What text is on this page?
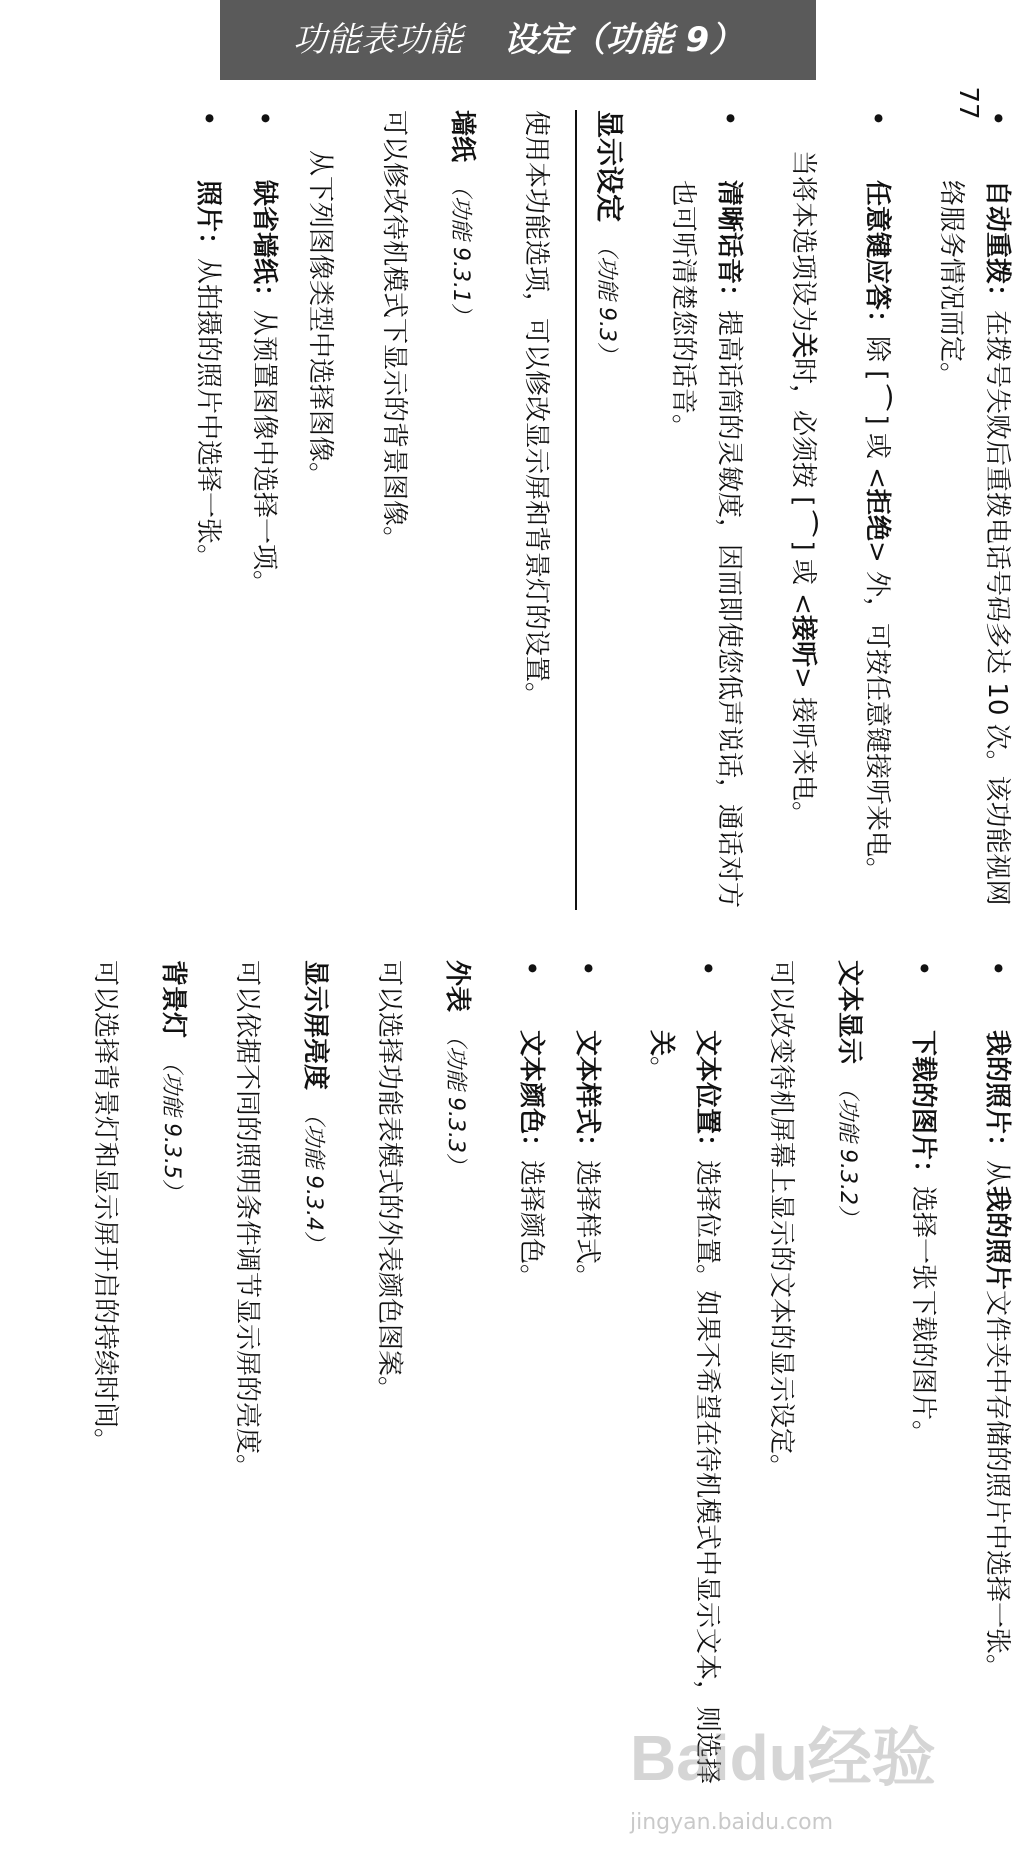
功能表功能 设定（功能 9）
77
• 自动重拨：在拨号失败后重拨电话号码多达 10 次。该功能视网络服务情况而定。
• 任意键应答：除 [⌒] 或 <拒绝> 外，可按任意键接听来电。

当将本选项设为关时，必须按 [⌒] 或 <接听> 接听来电。

• 清晰话音：提高话筒的灵敏度，因而即使您低声说话，通话对方也可听清楚您的话音。
显示设定（功能 9.3）

使用本功能选项，可以修改显示屏和背景灯的设置。

墙纸（功能 9.3.1）

可以修改待机模式下显示的背景图像。

从下列图像类型中选择图像。

• 缺省墙纸：从预置图像中选择一项。
• 照片：从拍摄的照片中选择一张。
• 我的照片：从我的照片文件夹中存储的照片中选择一张。
• 下载的图片：选择一张下载的图片。
文本显示（功能 9.3.2）

可以改变待机屏幕上显示的文本的显示设定。

• 文本位置：选择位置。如果不希望在待机模式中显示文本，则选择关。
• 文本样式：选择样式。
• 文本颜色：选择颜色。
外表（功能 9.3.3）

可以选择功能表模式的外表颜色图案。

显示屏亮度（功能 9.3.4）

可以依据不同的照明条件调节显示屏的亮度。

背景灯（功能 9.3.5）

可以选择背景灯和显示屏开启的持续时间。

Baidu经验
jingyan.baidu.com
